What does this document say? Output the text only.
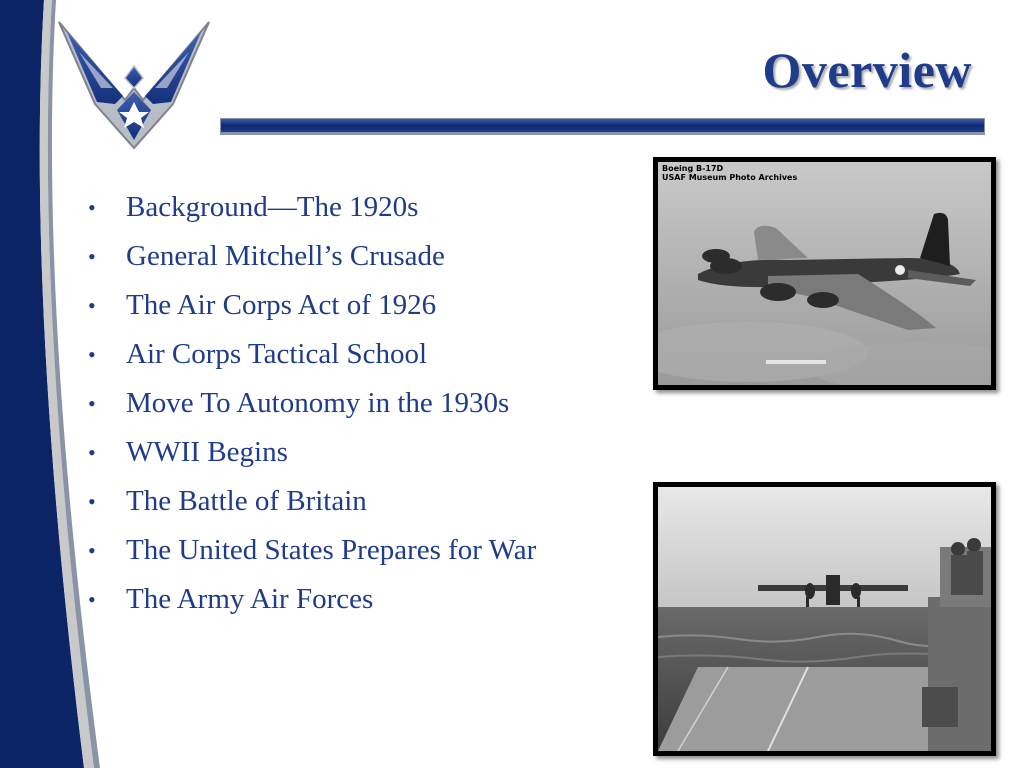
Overview
• Background—The 1920s
• General Mitchell’s Crusade
• The Air Corps Act of 1926
• Air Corps Tactical School
• Move To Autonomy in the 1930s
• WWII Begins
• The Battle of Britain
• The United States Prepares for War
• The Army Air Forces
Boeing B-17D
USAF Museum Photo Archives
